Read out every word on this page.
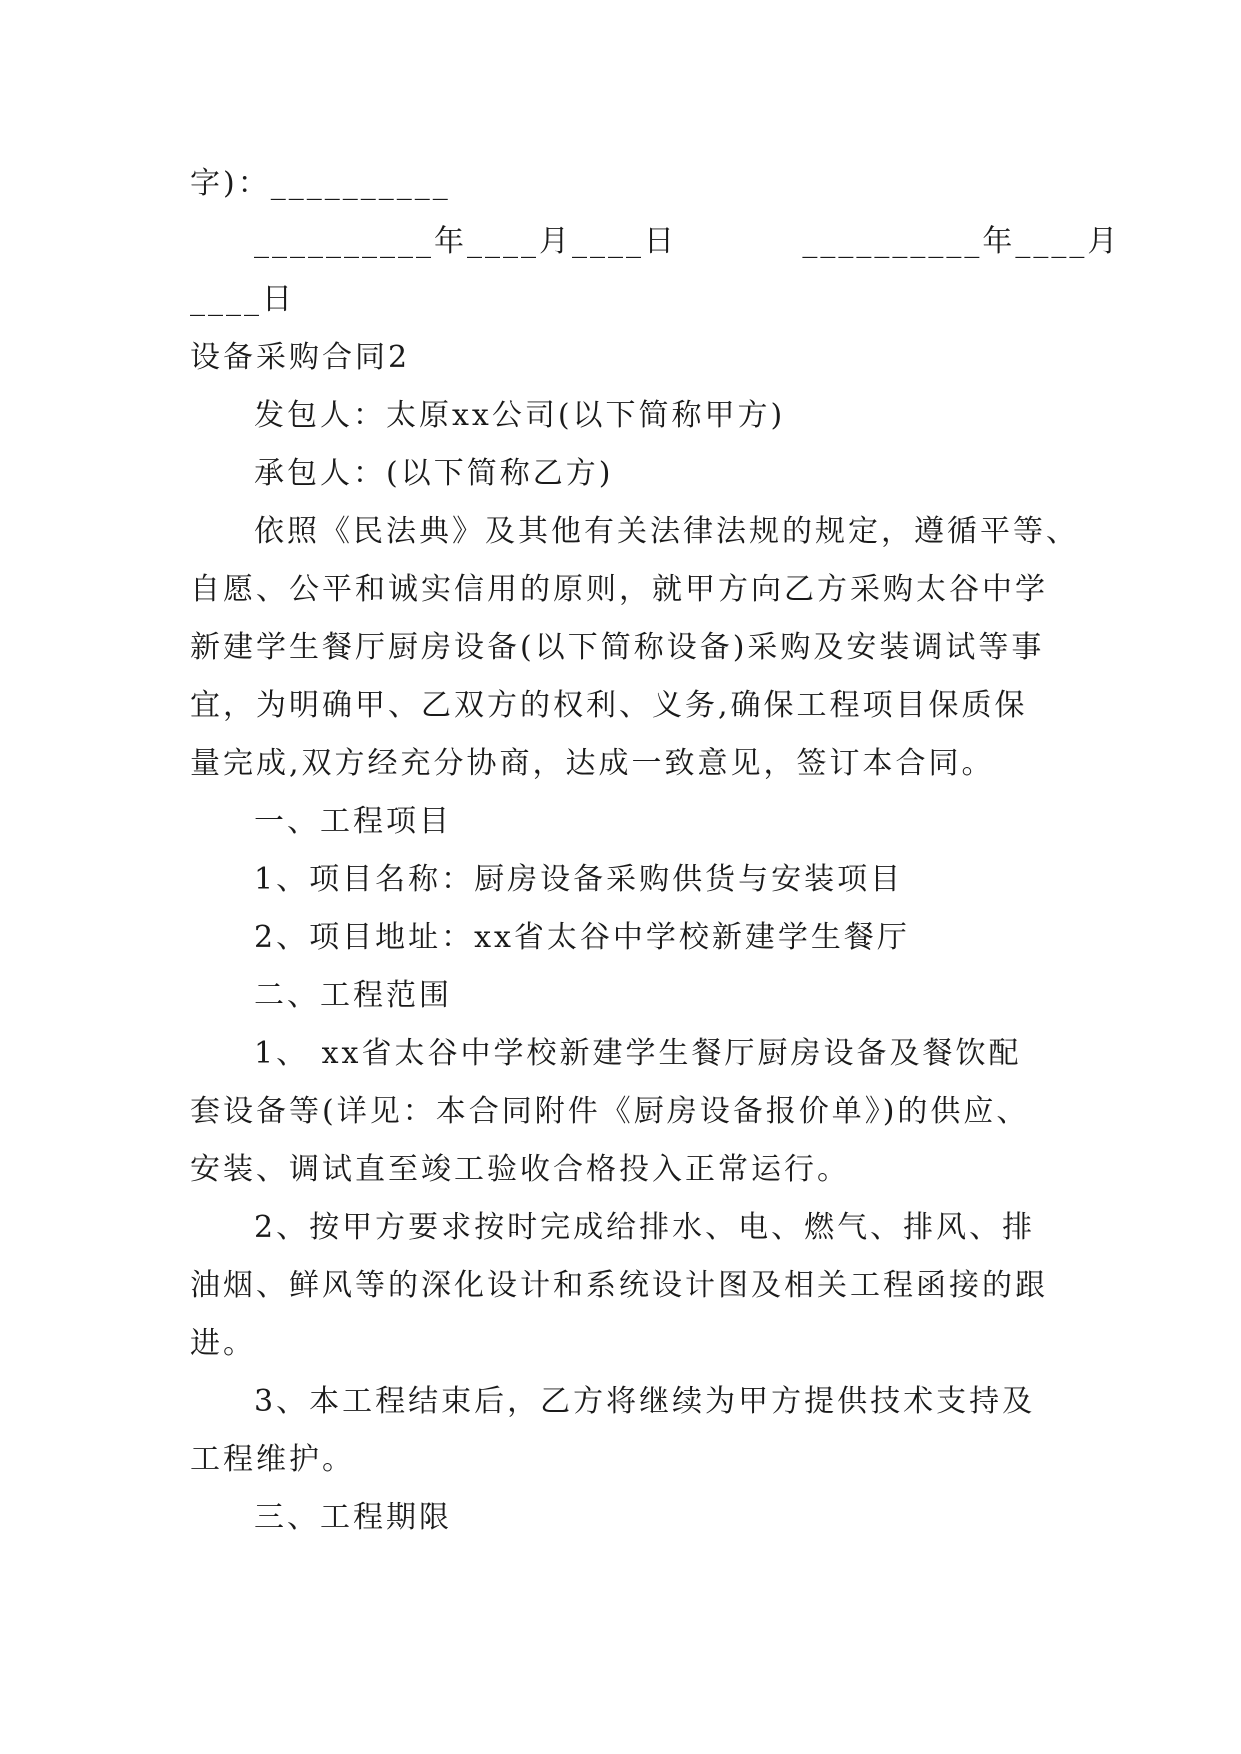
字)：__________
__________年____月____日          __________年____月
____日
设备采购合同2
发包人：太原xx公司(以下简称甲方)
承包人：(以下简称乙方)
依照《民法典》及其他有关法律法规的规定，遵循平等、
自愿、公平和诚实信用的原则，就甲方向乙方采购太谷中学
新建学生餐厅厨房设备(以下简称设备)采购及安装调试等事
宜，为明确甲、乙双方的权利、义务,确保工程项目保质保
量完成,双方经充分协商，达成一致意见，签订本合同。
一、工程项目
1、项目名称：厨房设备采购供货与安装项目
2、项目地址：xx省太谷中学校新建学生餐厅
二、工程范围
1、 xx省太谷中学校新建学生餐厅厨房设备及餐饮配
套设备等(详见：本合同附件《厨房设备报价单》)的供应、
安装、调试直至竣工验收合格投入正常运行。
2、按甲方要求按时完成给排水、电、燃气、排风、排
油烟、鲜风等的深化设计和系统设计图及相关工程函接的跟
进。
3、本工程结束后，乙方将继续为甲方提供技术支持及
工程维护。
三、工程期限
